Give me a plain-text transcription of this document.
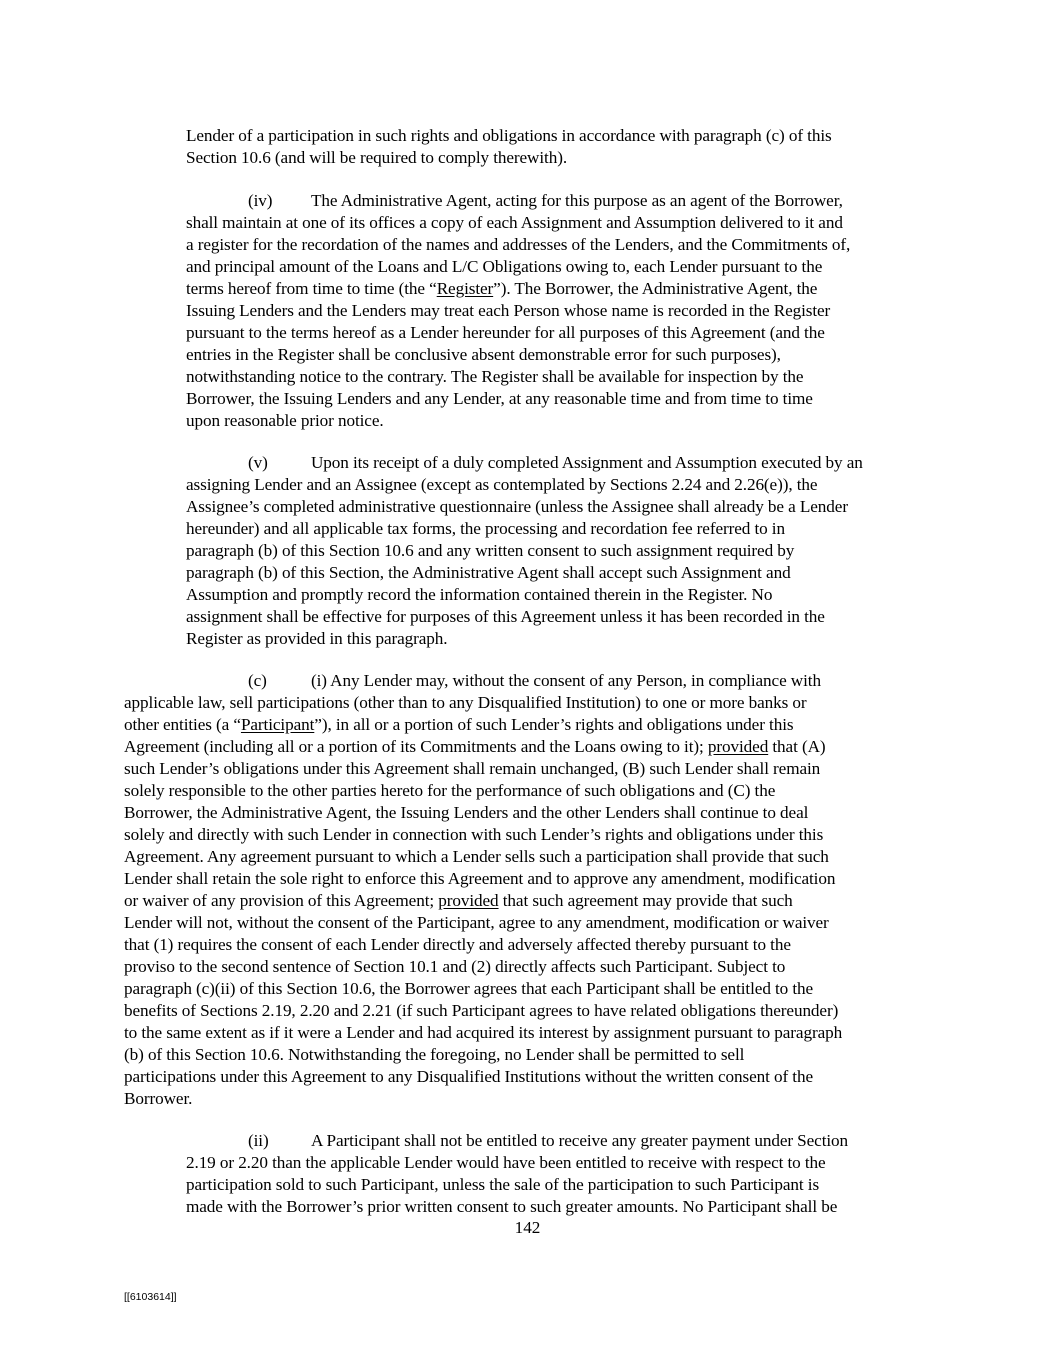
Lender of a participation in such rights and obligations in accordance with paragraph (c) of this
Section 10.6 (and will be required to comply therewith).
(iv) The Administrative Agent, acting for this purpose as an agent of the Borrower,
shall maintain at one of its offices a copy of each Assignment and Assumption delivered to it and
a register for the recordation of the names and addresses of the Lenders, and the Commitments of,
and principal amount of the Loans and L/C Obligations owing to, each Lender pursuant to the
terms hereof from time to time (the “Register”). The Borrower, the Administrative Agent, the
Issuing Lenders and the Lenders may treat each Person whose name is recorded in the Register
pursuant to the terms hereof as a Lender hereunder for all purposes of this Agreement (and the
entries in the Register shall be conclusive absent demonstrable error for such purposes),
notwithstanding notice to the contrary. The Register shall be available for inspection by the
Borrower, the Issuing Lenders and any Lender, at any reasonable time and from time to time
upon reasonable prior notice.
(v)	Upon its receipt of a duly completed Assignment and Assumption executed by an
assigning Lender and an Assignee (except as contemplated by Sections 2.24 and 2.26(e)), the
Assignee’s completed administrative questionnaire (unless the Assignee shall already be a Lender
hereunder) and all applicable tax forms, the processing and recordation fee referred to in
paragraph (b) of this Section 10.6 and any written consent to such assignment required by
paragraph (b) of this Section, the Administrative Agent shall accept such Assignment and
Assumption and promptly record the information contained therein in the Register. No
assignment shall be effective for purposes of this Agreement unless it has been recorded in the
Register as provided in this paragraph.
(c)	(i) Any Lender may, without the consent of any Person, in compliance with
applicable law, sell participations (other than to any Disqualified Institution) to one or more banks or
other entities (a “Participant”), in all or a portion of such Lender’s rights and obligations under this
Agreement (including all or a portion of its Commitments and the Loans owing to it); provided that (A)
such Lender’s obligations under this Agreement shall remain unchanged, (B) such Lender shall remain
solely responsible to the other parties hereto for the performance of such obligations and (C) the
Borrower, the Administrative Agent, the Issuing Lenders and the other Lenders shall continue to deal
solely and directly with such Lender in connection with such Lender’s rights and obligations under this
Agreement. Any agreement pursuant to which a Lender sells such a participation shall provide that such
Lender shall retain the sole right to enforce this Agreement and to approve any amendment, modification
or waiver of any provision of this Agreement; provided that such agreement may provide that such
Lender will not, without the consent of the Participant, agree to any amendment, modification or waiver
that (1) requires the consent of each Lender directly and adversely affected thereby pursuant to the
proviso to the second sentence of Section 10.1 and (2) directly affects such Participant. Subject to
paragraph (c)(ii) of this Section 10.6, the Borrower agrees that each Participant shall be entitled to the
benefits of Sections 2.19, 2.20 and 2.21 (if such Participant agrees to have related obligations thereunder)
to the same extent as if it were a Lender and had acquired its interest by assignment pursuant to paragraph
(b) of this Section 10.6. Notwithstanding the foregoing, no Lender shall be permitted to sell
participations under this Agreement to any Disqualified Institutions without the written consent of the
Borrower.
(ii) A Participant shall not be entitled to receive any greater payment under Section
2.19 or 2.20 than the applicable Lender would have been entitled to receive with respect to the
participation sold to such Participant, unless the sale of the participation to such Participant is
made with the Borrower’s prior written consent to such greater amounts. No Participant shall be
142
[[6103614]]
